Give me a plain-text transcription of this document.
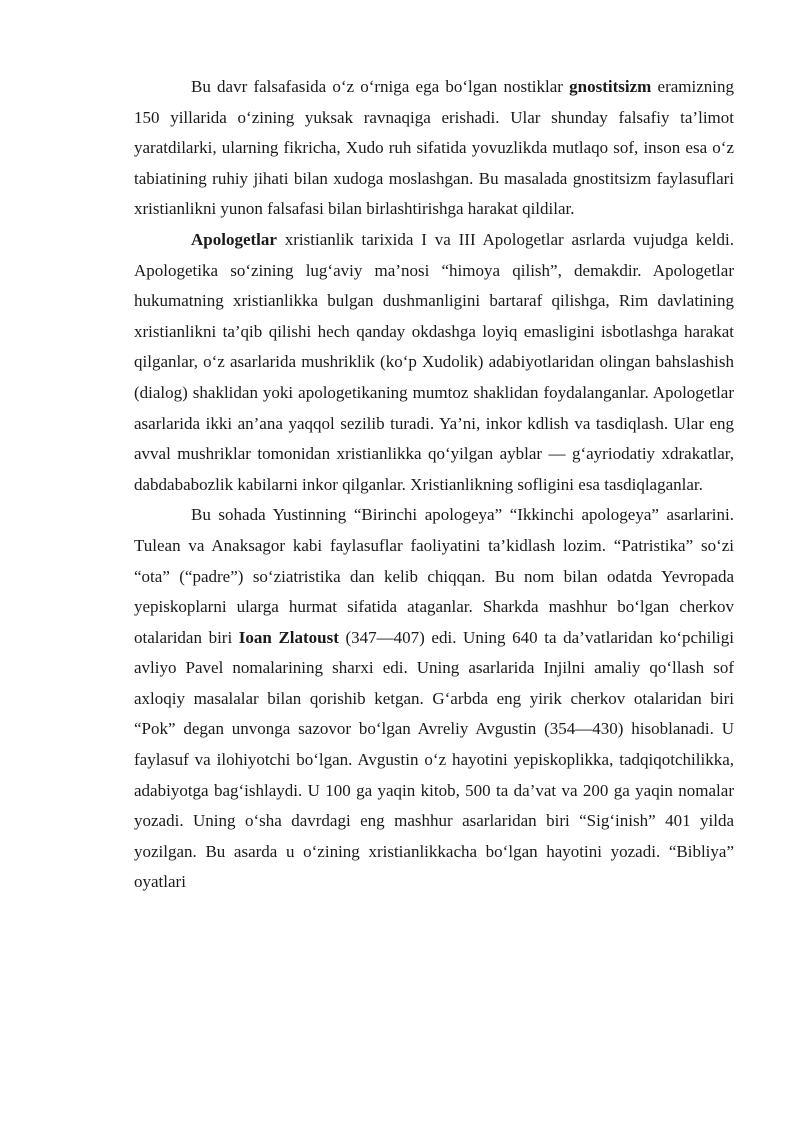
Bu davr falsafasida o‘z o‘rniga ega bo‘lgan nostiklar gnostitsizm eramizning 150 yillarida o‘zining yuksak ravnaqiga erishadi. Ular shunday falsafiy ta’limot yaratdilarki, ularning fikricha, Xudo ruh sifatida yovuzlikda mutlaqo sof, inson esa o‘z tabiatining ruhiy jihati bilan xudoga moslashgan. Bu masalada gnostitsizm faylasuflari xristianlikni yunon falsafasi bilan birlashtirishga harakat qildilar.

Apologetlar xristianlik tarixida I va III Apologetlar asrlarda vujudga keldi. Apologetika so‘zining lug‘aviy ma’nosi “himoya qilish”, demakdir. Apologetlar hukumatning xristianlikka bulgan dushmanligini bartaraf qilishga, Rim davlatining xristianlikni ta’qib qilishi hech qanday okdashga loyiq emasligini isbotlashga harakat qilganlar, o‘z asarlarida mushriklik (ko‘p Xudolik) adabiyotlaridan olingan bahslashish (dialog) shaklidan yoki apologetikaning mumtoz shaklidan foydalanganlar. Apologetlar asarlarida ikki an’ana yaqqol sezilib turadi. Ya’ni, inkor kdlish va tasdiqlash. Ular eng avval mushriklar tomonidan xristianlikka qo‘yilgan ayblar — g‘ayriodatiy xdrakatlar, dabdababozlik kabilarni inkor qilganlar. Xristianlikning sofligini esa tasdiqlaganlar.

Bu sohada Yustinning “Birinchi apologeya” “Ikkinchi apologeya” asarlarini. Tulean va Anaksagor kabi faylasuflar faoliyatini ta’kidlash lozim. “Patristika” so‘zi “ota” (“padre”) so‘ziatristika dan kelib chiqqan. Bu nom bilan odatda Yevropada yepiskoplarni ularga hurmat sifatida ataganlar. Sharkda mashhur bo‘lgan cherkov otalaridan biri Ioan Zlatoust (347—407) edi. Uning 640 ta da’vatlaridan ko‘pchiligi avliyo Pavel nomalarining sharxi edi. Uning asarlarida Injilni amaliy qo‘llash sof axloqiy masalalar bilan qorishib ketgan. G‘arbda eng yirik cherkov otalaridan biri “Pok” degan unvonga sazovor bo‘lgan Avreliy Avgustin (354—430) hisoblanadi. U faylasuf va ilohiyotchi bo‘lgan. Avgustin o‘z hayotini yepiskoplikka, tadqiqotchilikka, adabiyotga bag‘ishlaydi. U 100 ga yaqin kitob, 500 ta da’vat va 200 ga yaqin nomalar yozadi. Uning o‘sha davrdagi eng mashhur asarlaridan biri “Sig‘inish” 401 yilda yozilgan. Bu asarda u o‘zining xristianlikkacha bo‘lgan hayotini yozadi. “Bibliya” oyatlari
